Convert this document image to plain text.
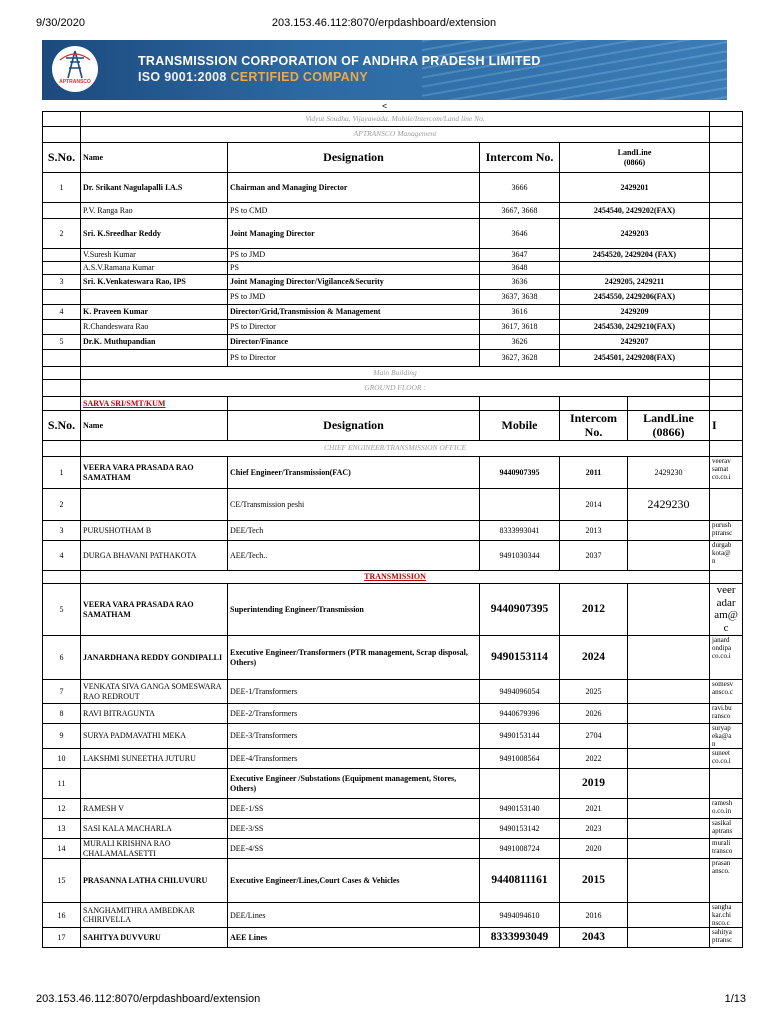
9/30/2020	203.153.46.112:8070/erpdashboard/extension
APTRANSCO
TRANSMISSION CORPORATION OF ANDHRA PRADESH LIMITED
ISO 9001:2008 CERTIFIED COMPANY
<
	Vidyut Soudha, Vijayawada. Mobile/Intercom/Land line No.					
	APTRANSCO Management					
S.No.	Name	Designation	Intercom No.	LandLine
(0866)		

1	Dr. Srikant Nagulapalli I.A.S	Chairman and Managing Director	3666	2429201		
	P.V. Ranga Rao	PS to CMD	3667, 3668	2454540, 2429202(FAX)		
2	Sri. K.Sreedhar Reddy	Joint Managing Director	3646	2429203		
	V.Suresh Kumar	PS to JMD	3647	2454520, 2429204 (FAX)		
	A.S.V.Ramana Kumar	PS	3648			
3	Sri. K.Venkateswara Rao, IPS	Joint Managing Director/Vigilance&Security	3636	2429205, 2429211		
		PS to JMD	3637, 3638	2454550, 2429206(FAX)		
4	K. Praveen Kumar	Director/Grid,Transmission & Management	3616	2429209		
	R.Chandeswara Rao	PS to Director	3617, 3618	2454530, 2429210(FAX)		
5	Dr.K. Muthupandian	Director/Finance	3626	2429207		
		PS to Director	3627, 3628	2454501, 2429208(FAX)		
	Main Building					
	GROUND FLOOR :					
	SARVA SRI/SMT/KUM					
S.No.	Name	Designation	Mobile	Intercom No.	LandLine
(0866)	I
	CHIEF ENGINEER/TRANSMISSION OFFICE					
1	VEERA VARA PRASADA RAO SAMATHAM	Chief Engineer/Transmission(FAC)	9440907395	2011	2429230	veerav
samat
co.co.i
2		CE/Transmission peshi		2014	2429230	
3	PURUSHOTHAM B	DEE/Tech	8333993041	2013		purush
ptransc
4	DURGA BHAVANI PATHAKOTA	AEE/Tech..	9491030344	2037		durgab
kota@
n
	TRANSMISSION					
5	VEERA VARA PRASADA RAO SAMATHAM	Superintending Engineer/Transmission	9440907395	2012		veer
adar
am@
c
6	JANARDHANA REDDY GONDIPALLI	Executive Engineer/Transformers (PTR management, Scrap disposal, Others)	9490153114	2024		janard
ondipa
co.co.i
7	VENKATA SIVA GANGA SOMESWARA RAO REDROUT	DEE-1/Transformers	9494096054	2025		somesv
ansco.c
8	RAVI BITRAGUNTA	DEE-2/Transformers	9440679396	2026		ravi.bu
ransco
9	SURYA PADMAVATHI MEKA	DEE-3/Transformers	9490153144	2704		suryap
eka@a
n
10	LAKSHMI SUNEETHA JUTURU	DEE-4/Transformers	9491008564	2022		suneet
co.co.i
11		Executive Engineer /Substations (Equipment management, Stores, Others)		2019		
12	RAMESH V	DEE-1/SS	9490153140	2021		ramesh
o.co.in
13	SASI KALA MACHARLA	DEE-3/SS	9490153142	2023		sasikal
aptrans
14	MURALI KRISHNA RAO CHALAMALASETTI	DEE-4/SS	9491008724	2020		murali
transco
15	PRASANNA LATHA CHILUVURU	Executive Engineer/Lines,Court Cases & Vehicles	9440811161	2015		prasan
ansco.
16	SANGHAMITHRA AMBEDKAR CHIRIVELLA	DEE/Lines	9494094610	2016		sangha
kar.chi
nsco.c
17	SAHITYA DUVVURU	AEE Lines	8333993049	2043		sahitya
ptransc
203.153.46.112:8070/erpdashboard/extension	1/13
